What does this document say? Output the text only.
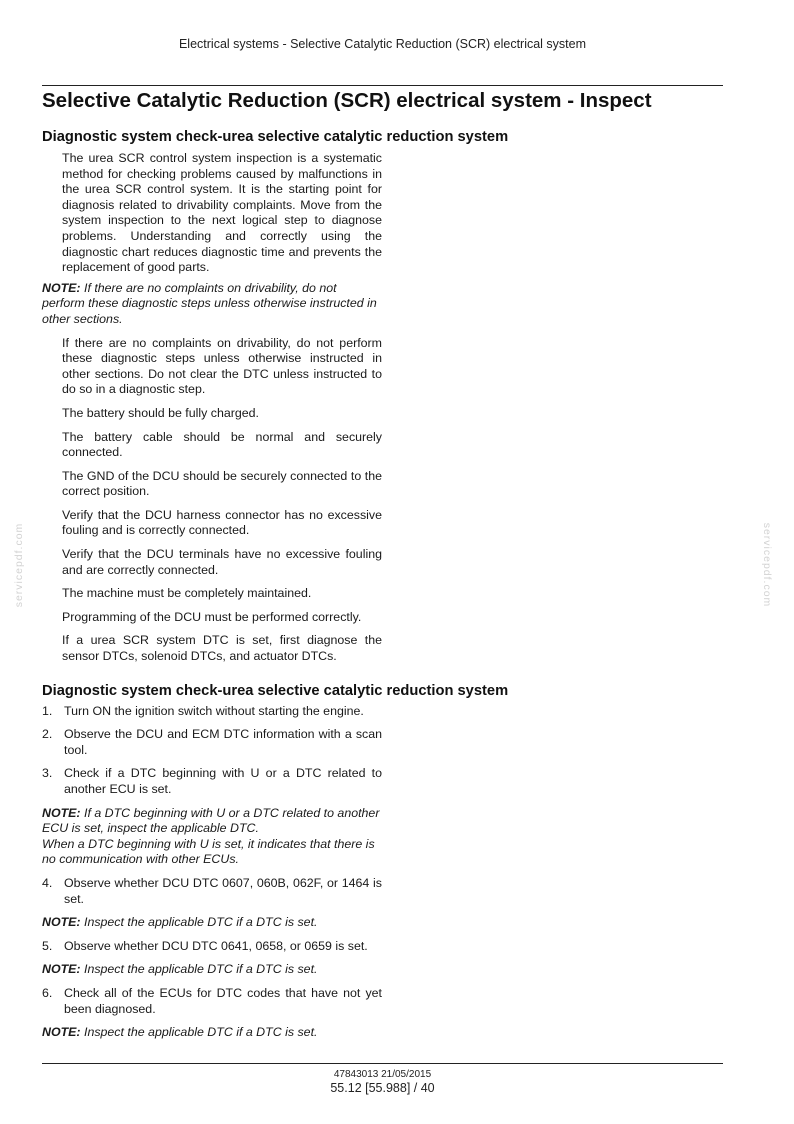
Electrical systems - Selective Catalytic Reduction (SCR) electrical system
Selective Catalytic Reduction (SCR) electrical system - Inspect
Diagnostic system check-urea selective catalytic reduction system

The urea SCR control system inspection is a systematic method for checking problems caused by malfunctions in the urea SCR control system. It is the starting point for diagnosis related to drivability complaints. Move from the system inspection to the next logical step to diagnose problems. Understanding and correctly using the diagnostic chart reduces diagnostic time and prevents the replacement of good parts.

NOTE: If there are no complaints on drivability, do not perform these diagnostic steps unless otherwise instructed in other sections.

If there are no complaints on drivability, do not perform these diagnostic steps unless otherwise instructed in other sections. Do not clear the DTC unless instructed to do so in a diagnostic step.

The battery should be fully charged.

The battery cable should be normal and securely connected.

The GND of the DCU should be securely connected to the correct position.

Verify that the DCU harness connector has no excessive fouling and is correctly connected.

Verify that the DCU terminals have no excessive fouling and are correctly connected.

The machine must be completely maintained.

Programming of the DCU must be performed correctly.

If a urea SCR system DTC is set, first diagnose the sensor DTCs, solenoid DTCs, and actuator DTCs.

Diagnostic system check-urea selective catalytic reduction system
1. Turn ON the ignition switch without starting the engine.
2. Observe the DCU and ECM DTC information with a scan tool.
3. Check if a DTC beginning with U or a DTC related to another ECU is set.

NOTE: If a DTC beginning with U or a DTC related to another ECU is set, inspect the applicable DTC.
When a DTC beginning with U is set, it indicates that there is no communication with other ECUs.

4. Observe whether DCU DTC 0607, 060B, 062F, or 1464 is set.

NOTE: Inspect the applicable DTC if a DTC is set.

5. Observe whether DCU DTC 0641, 0658, or 0659 is set.

NOTE: Inspect the applicable DTC if a DTC is set.

6. Check all of the ECUs for DTC codes that have not yet been diagnosed.

NOTE: Inspect the applicable DTC if a DTC is set.

servicepdf.com	servicepdf.com
47843013 21/05/2015
55.12 [55.988] / 40
